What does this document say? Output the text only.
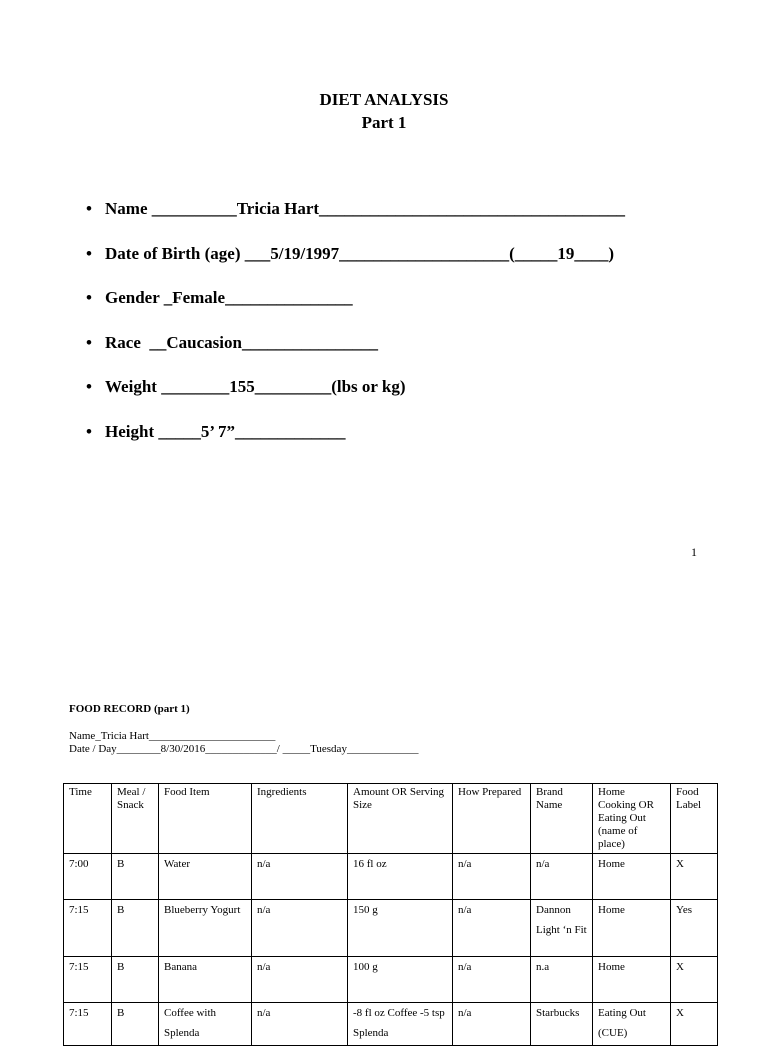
DIET ANALYSIS
Part 1
• Name __________Tricia Hart____________________________________
• Date of Birth (age) ___5/19/1997____________________(_____19____)
• Gender _Female_______________
• Race  __Caucasion________________
• Weight ________155_________(lbs or kg)
• Height _____5’ 7”_____________
1
FOOD RECORD (part 1)
Name_Tricia Hart_______________________
Date / Day________8/30/2016_____________/ _____Tuesday_____________
Time	Meal / Snack	Food Item	Ingredients	Amount OR Serving Size	How Prepared	Brand Name	Home Cooking OR Eating Out (name of place)	Food Label
7:00	B	Water	n/a	16 fl oz	n/a	n/a	Home	X
7:15	B	Blueberry Yogurt	n/a	150 g	n/a	Dannon Light ‘n Fit	Home	Yes
7:15	B	Banana	n/a	100 g	n/a	n.a	Home	X
7:15	B	Coffee with Splenda	n/a	-8 fl oz Coffee -5 tsp Splenda	n/a	Starbucks	Eating Out (CUE)	X
